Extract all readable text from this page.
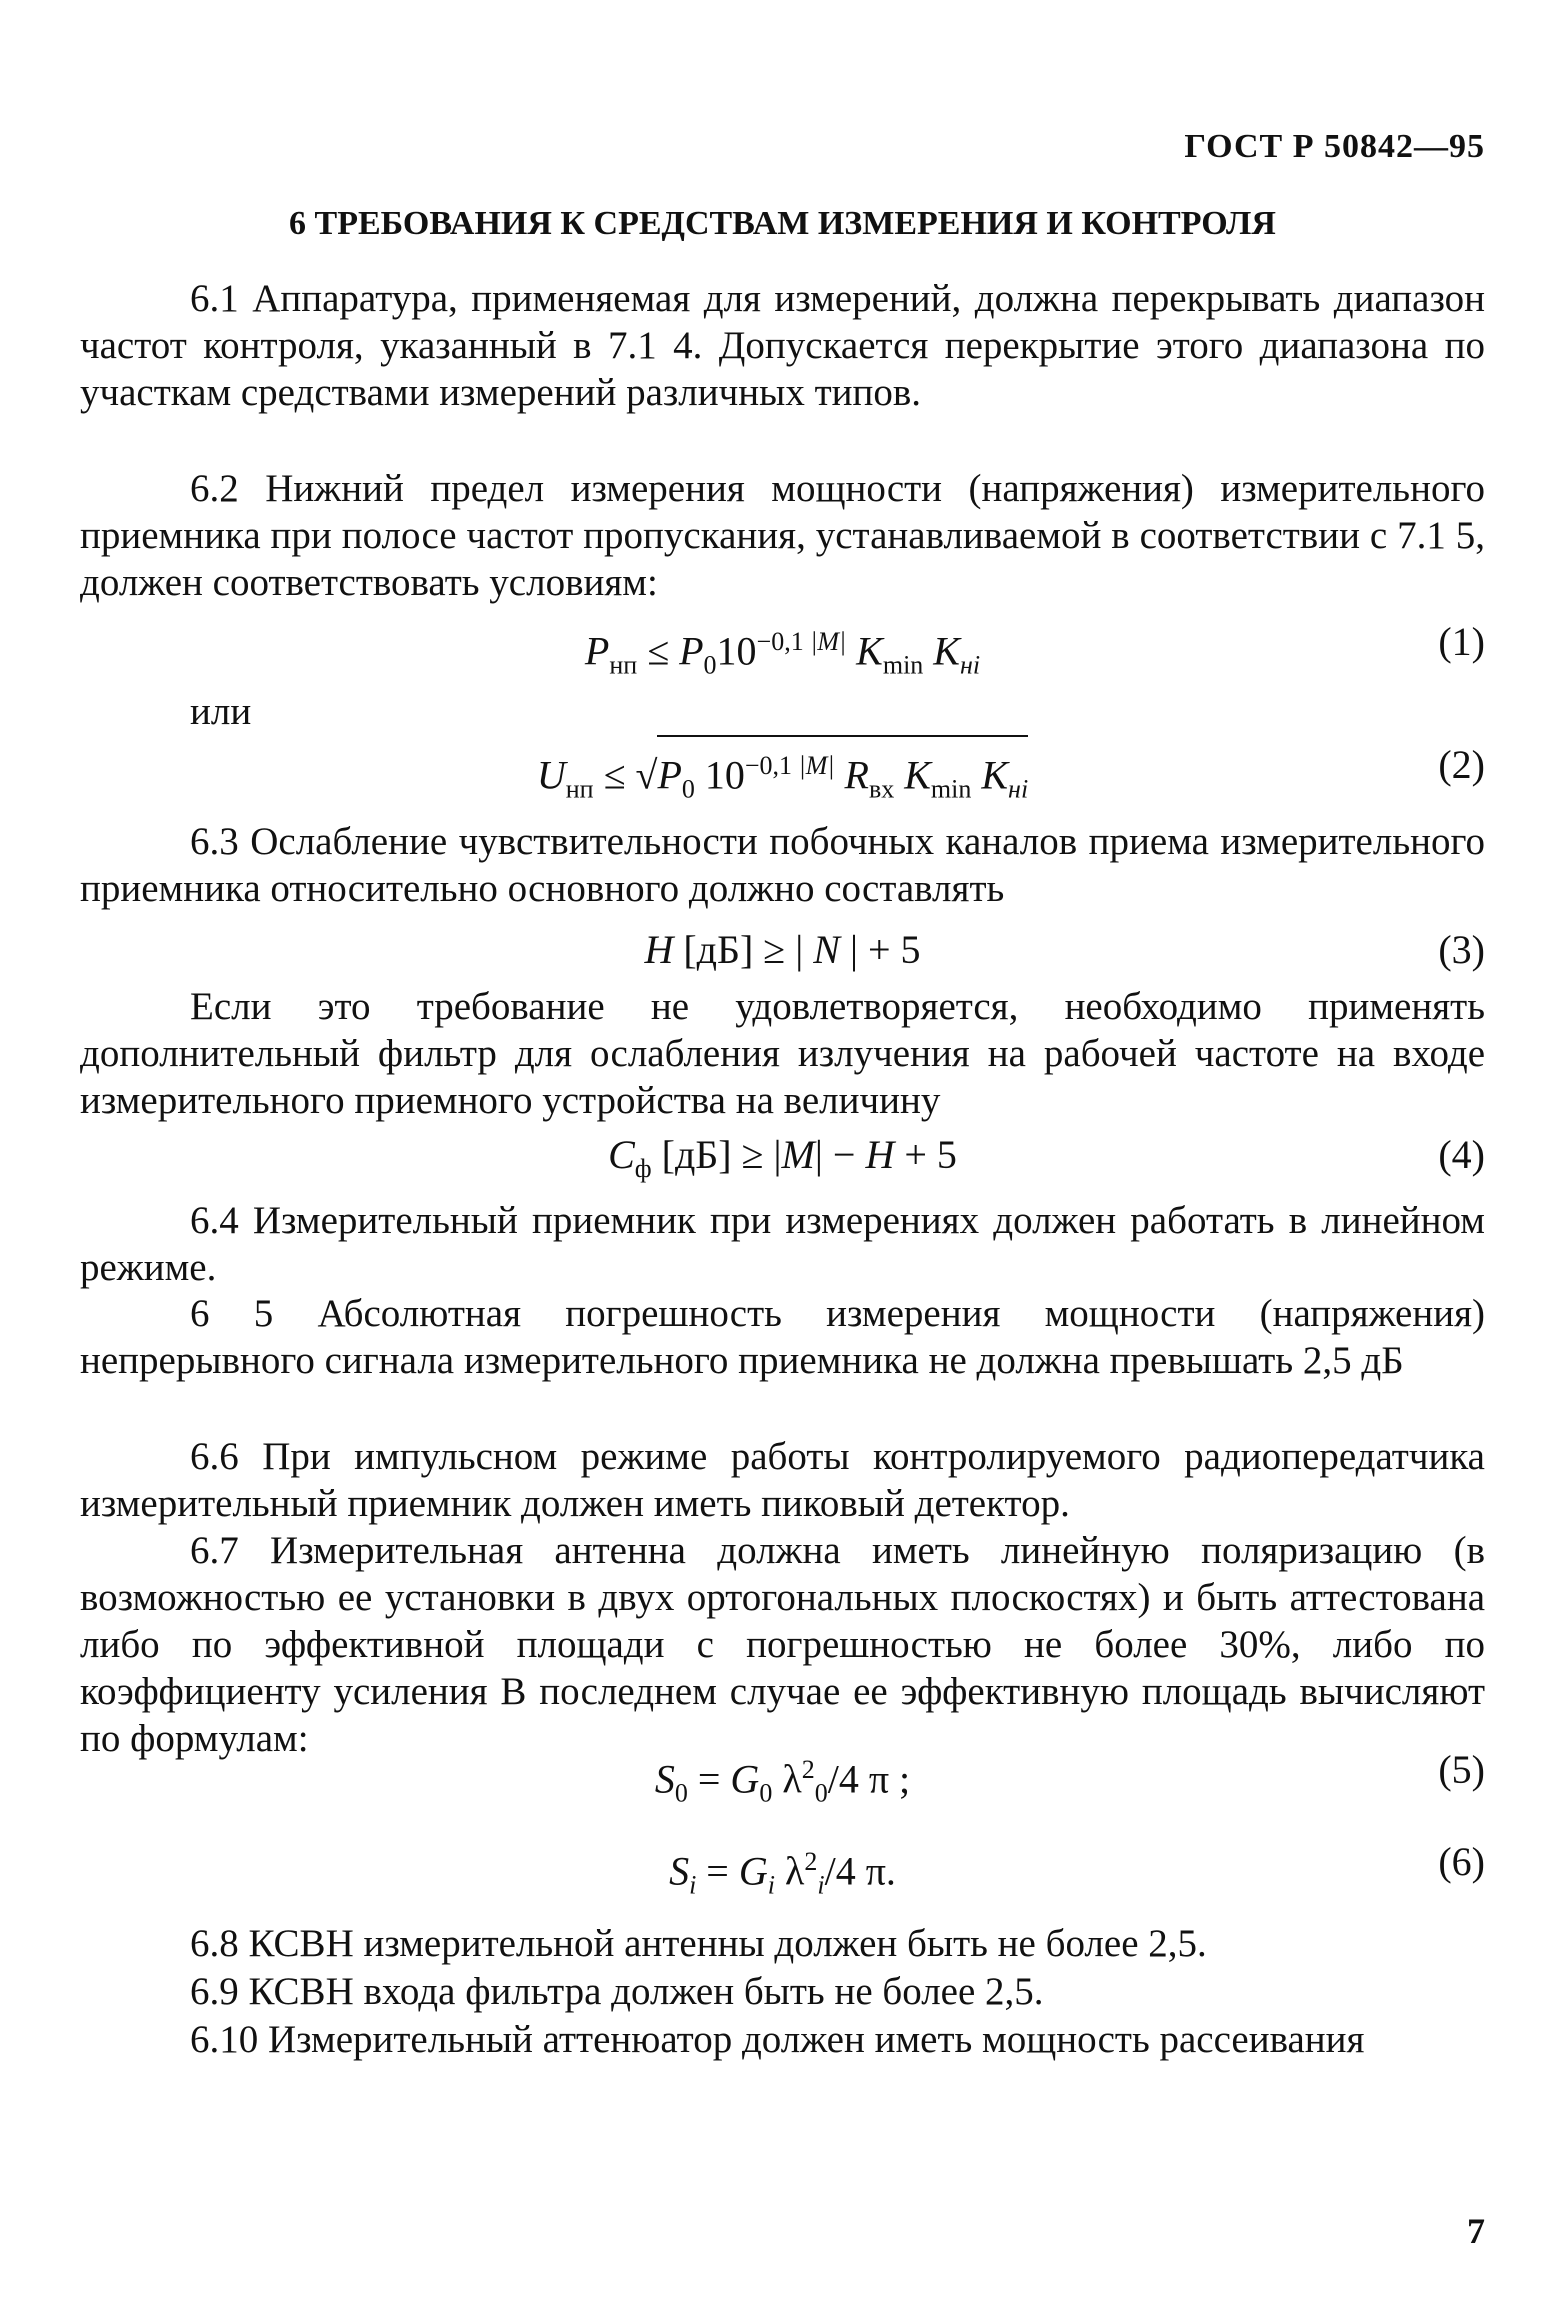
ГОСТ Р 50842—95
6 ТРЕБОВАНИЯ К СРЕДСТВАМ ИЗМЕРЕНИЯ И КОНТРОЛЯ

6.1 Аппаратура, применяемая для измерений, должна перекрывать диапазон частот контроля, указанный в 7.1 4. Допускается перекрытие этого диапазона по участкам средствами измерений различных типов.

6.2 Нижний предел измерения мощности (напряжения) измерительного приемника при полосе частот пропускания, устанавливаемой в соответствии с 7.1 5, должен соответствовать условиям:

$P_{нп} \le P_010^{-0,1 |M|}$ $K_{min}$ $K_{нi}$
(1)

или

$U_{нп} \le √P_0$ $10^{-0,1 |M|}$ $R_{вх}$ $K_{min}$ $K_{нi}$
(2)

6.3 Ослабление чувствительности побочных каналов приема измерительного приемника относительно основного должно составлять

H [дБ] ≥ | N | + 5	(3)

Если это требование не удовлетворяется, необходимо применять дополнительный фильтр для ослабления излучения на рабочей частоте на входе измерительного приемного устройства на величину

$C_ф$ [дБ] ≥ |M| − H + 5	(4)

6.4 Измерительный приемник при измерениях должен работать в линейном режиме.

6 5 Абсолютная погрешность измерения мощности (напряжения) непрерывного сигнала измерительного приемника не должна превышать 2,5 дБ

6.6 При импульсном режиме работы контролируемого радиопередатчика измерительный приемник должен иметь пиковый детектор.

6.7 Измерительная антенна должна иметь линейную поляризацию (в возможностью ее установки в двух ортогональных плоскостях) и быть аттестована либо по эффективной площади с погрешностью не более 30%, либо по коэффициенту усиления В последнем случае ее эффективную площадь вычисляют по формулам:

$S_0 = G_0$ $\lambda^2_0/4$ π ;	(5)
$S_i = G_i$ $\lambda^2_i/4$ π.	(6)

6.8 КСВН измерительной антенны должен быть не более 2,5.

6.9 КСВН входа фильтра должен быть не более 2,5.

6.10 Измерительный аттенюатор должен иметь мощность рассеивания

7
